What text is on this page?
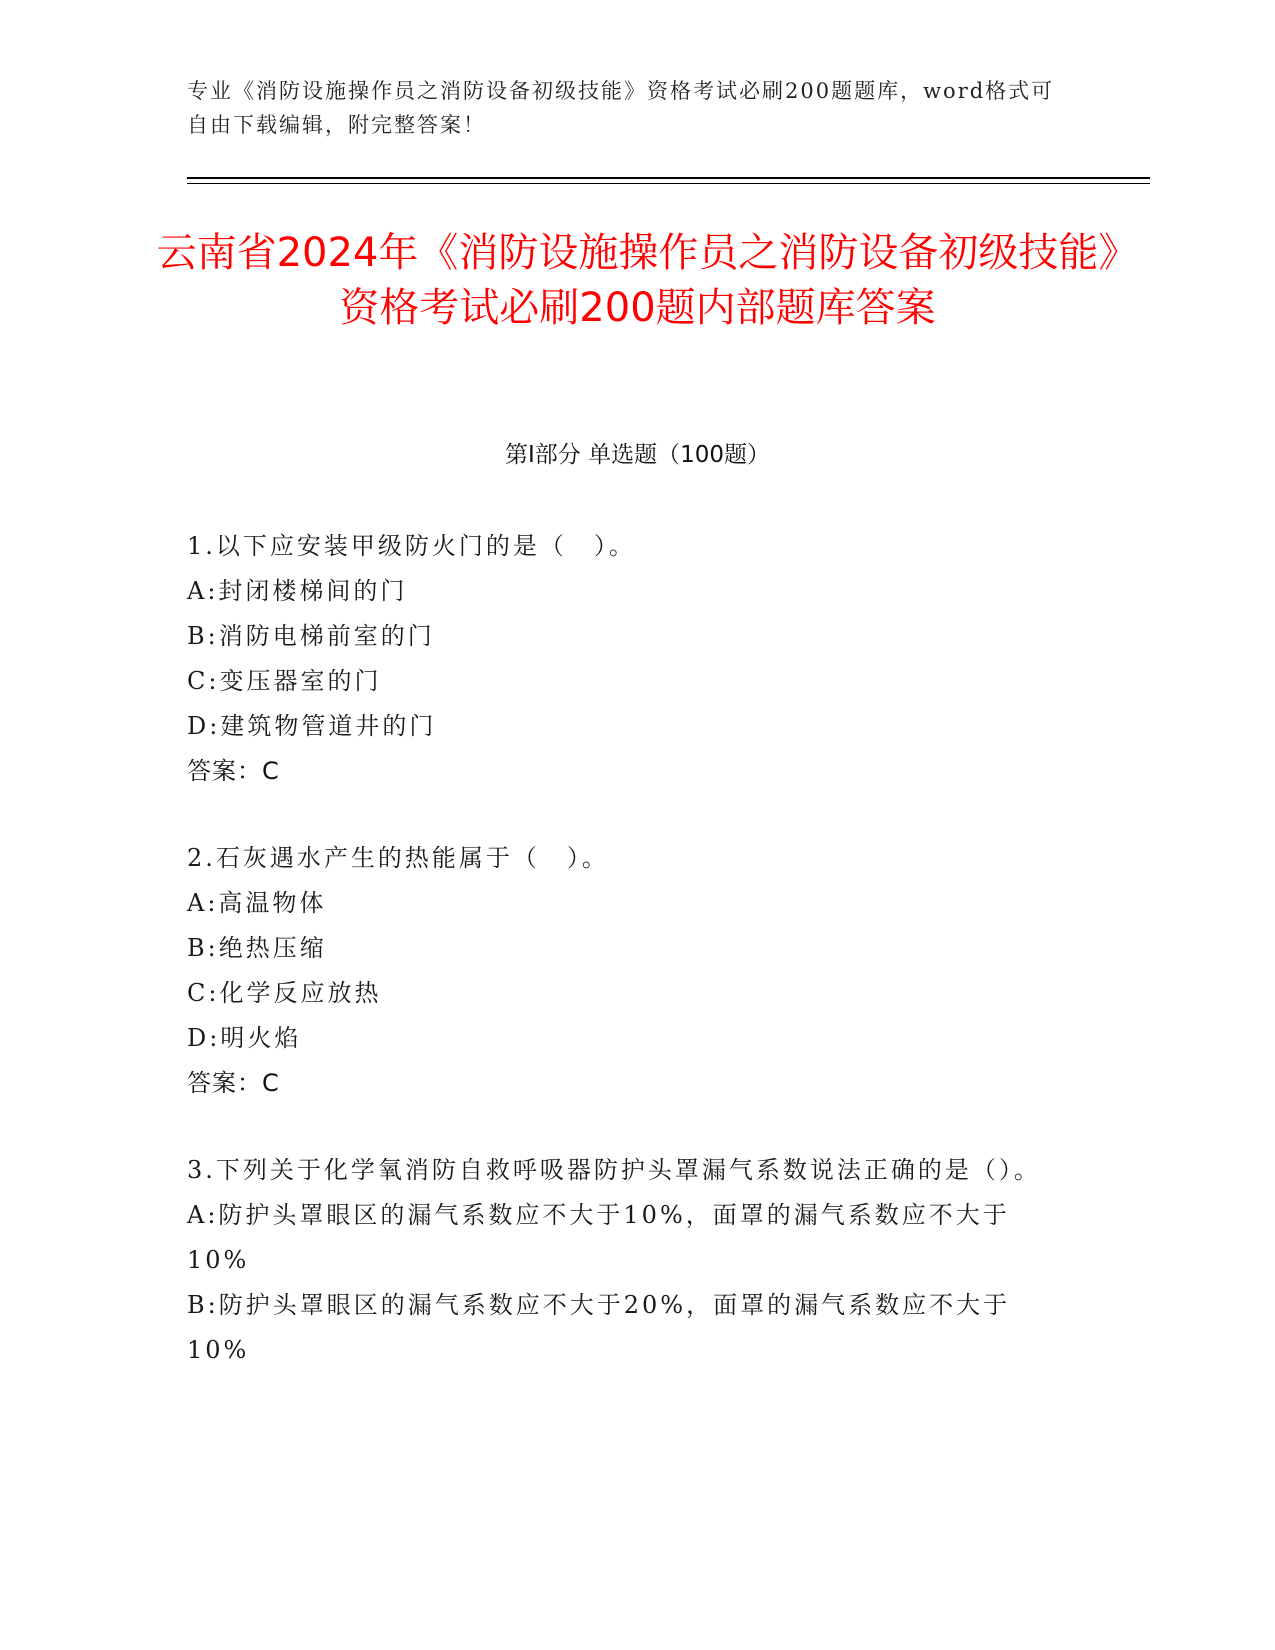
专业《消防设施操作员之消防设备初级技能》资格考试必刷200题题库，word格式可自由下载编辑，附完整答案！
云南省2024年《消防设施操作员之消防设备初级技能》资格考试必刷200题内部题库答案
第I部分 单选题（100题）
1.以下应安装甲级防火门的是（　）。
A:封闭楼梯间的门
B:消防电梯前室的门
C:变压器室的门
D:建筑物管道井的门
答案：C
2.石灰遇水产生的热能属于（　）。
A:高温物体
B:绝热压缩
C:化学反应放热
D:明火焰
答案：C
3.下列关于化学氧消防自救呼吸器防护头罩漏气系数说法正确的是（）。
A:防护头罩眼区的漏气系数应不大于10%，面罩的漏气系数应不大于10%
B:防护头罩眼区的漏气系数应不大于20%，面罩的漏气系数应不大于10%
